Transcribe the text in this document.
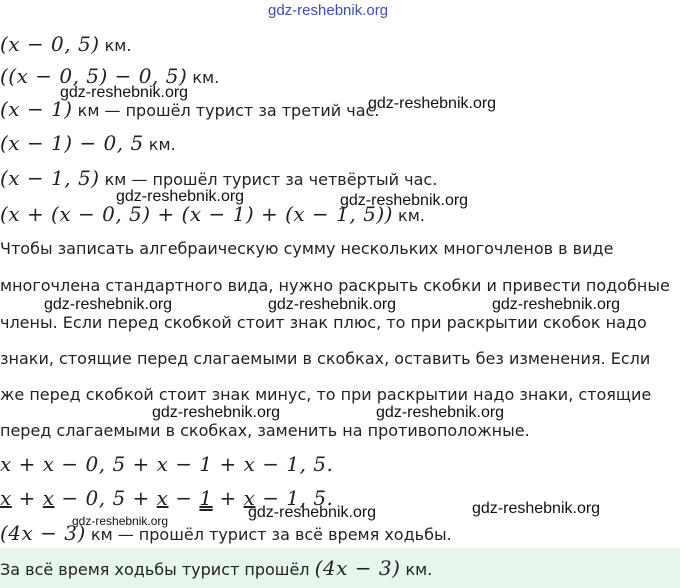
gdz-reshebnik.org
gdz-reshebnik.org
gdz-reshebnik.org
gdz-reshebnik.org	gdz-reshebnik.org
gdz-reshebnik.org	gdz-reshebnik.org	gdz-reshebnik.org
gdz-reshebnik.org	gdz-reshebnik.org
gdz-reshebnik.org	gdz-reshebnik.org
gdz-reshebnik.org
(x − 0, 5) км.
((x − 0, 5) − 0, 5) км.
(x − 1) км — прошёл турист за третий час.
(x − 1) − 0, 5 км.
(x − 1, 5) км — прошёл турист за четвёртый час.
(x + (x − 0, 5) + (x − 1) + (x − 1, 5)) км.
Чтобы записать алгебраическую сумму нескольких многочленов в виде
многочлена стандартного вида, нужно раскрыть скобки и привести подобные
члены. Если перед скобкой стоит знак плюс, то при раскрытии скобок надо
знаки, стоящие перед слагаемыми в скобках, оставить без изменения. Если
же перед скобкой стоит знак минус, то при раскрытии надо знаки, стоящие
перед слагаемыми в скобках, заменить на противоположные.
x + x − 0, 5 + x − 1 + x − 1, 5.
x + x − 0, 5 + x − 1 + x − 1, 5.
(4x − 3) км — прошёл турист за всё время ходьбы.
За всё время ходьбы турист прошёл (4x − 3) км.
